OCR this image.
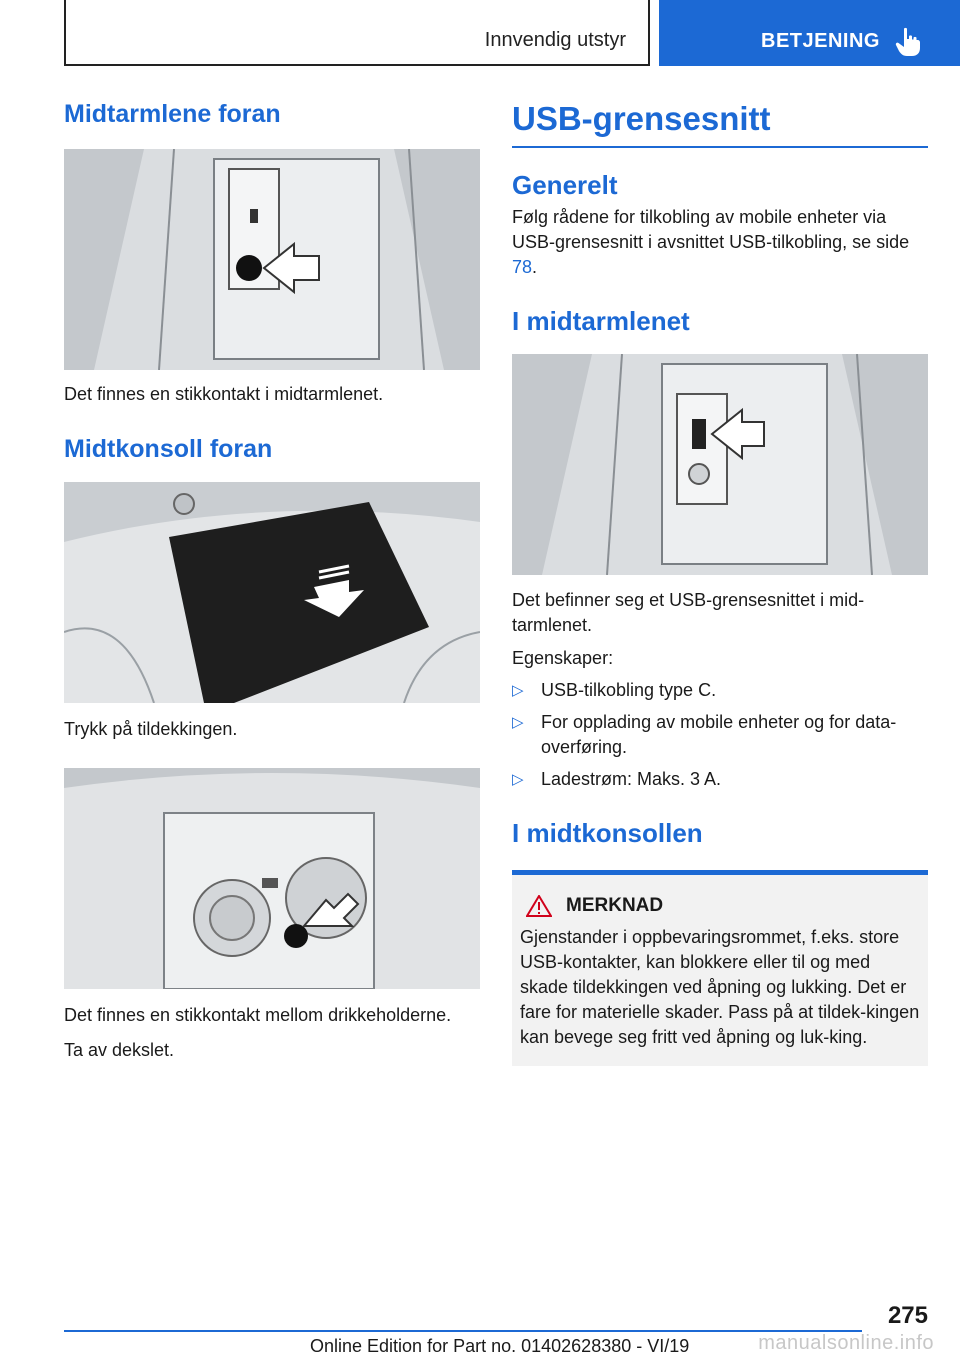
Innvendig utstyr	BETJENING
Midtarmlene foran

Det finnes en stikkontakt i midtarmlenet.

Midtkonsoll foran

Trykk på tildekkingen.

Det finnes en stikkontakt mellom drikkeholderne.

Ta av dekslet.

USB-grensesnitt
Generelt

Følg rådene for tilkobling av mobile enheter via USB-grensesnitt i avsnittet USB-tilkobling, se side 78.

I midtarmlenet

Det befinner seg et USB-grensesnittet i mid-tarmlenet.

Egenskaper:

▷ USB-tilkobling type C.
▷ For opplading av mobile enheter og for data-overføring.
▷ Ladestrøm: Maks. 3 A.
I midtkonsollen
MERKNAD

Gjenstander i oppbevaringsrommet, f.eks. store USB-kontakter, kan blokkere eller til og med skade tildekkingen ved åpning og lukking. Det er fare for materielle skader. Pass på at tildek-kingen kan bevege seg fritt ved åpning og luk-king.

275
Online Edition for Part no. 01402628380 - VI/19	manualsonline.info
